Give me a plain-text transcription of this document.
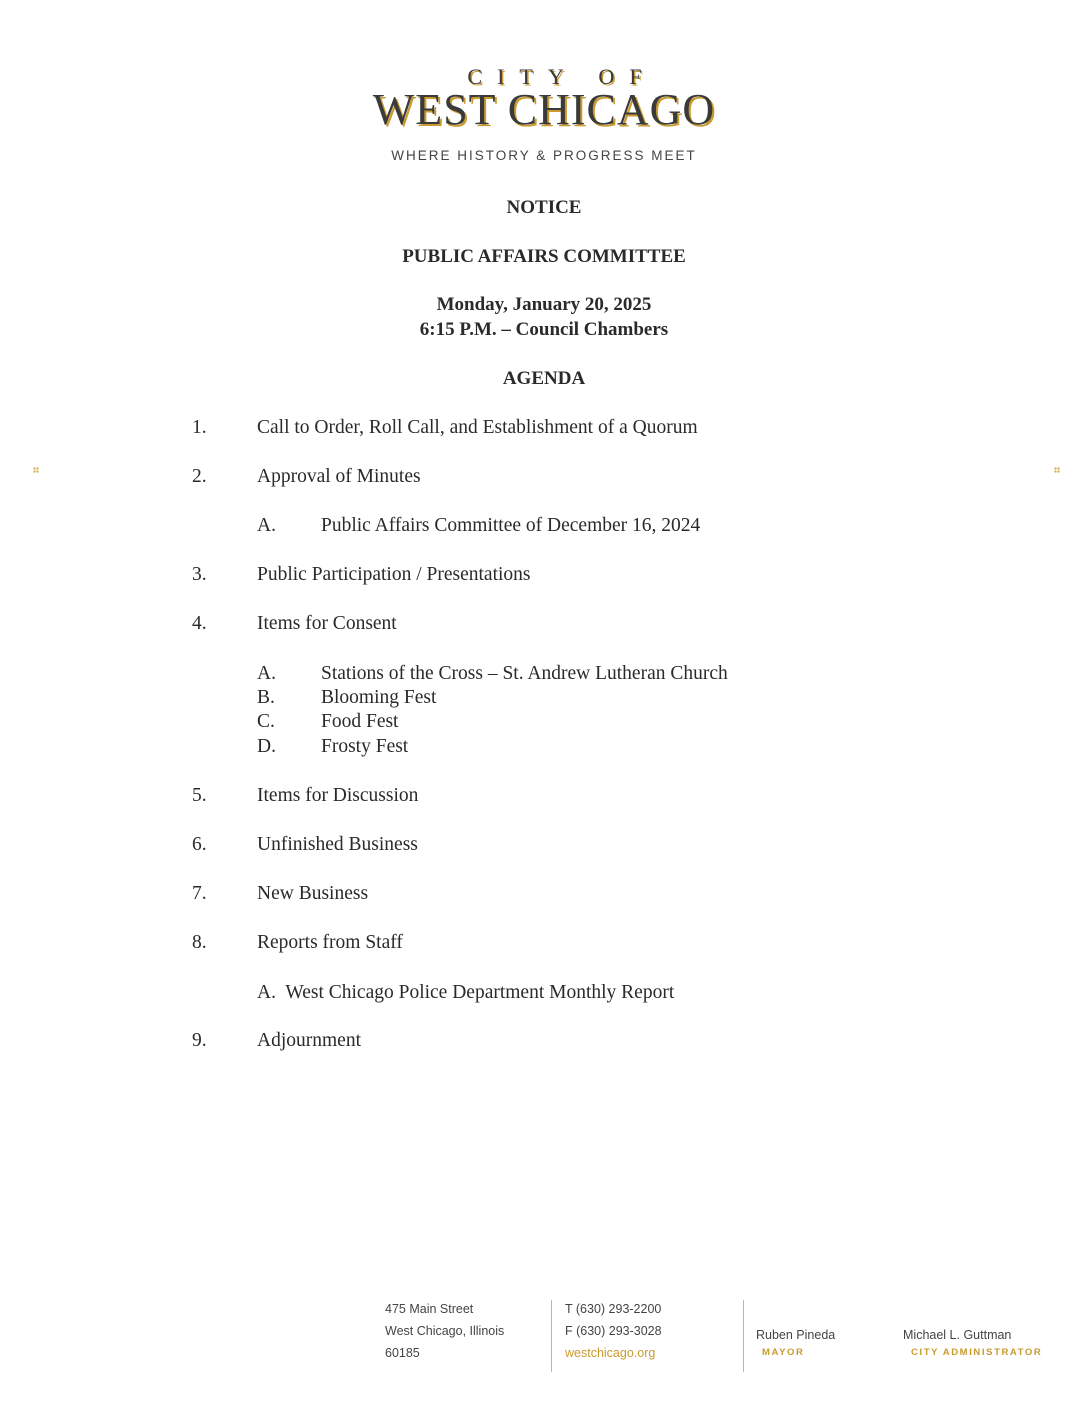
CITY OF
WEST CHICAGO
WHERE HISTORY & PROGRESS MEET
NOTICE
PUBLIC AFFAIRS COMMITTEE
Monday, January 20, 2025
6:15 P.M. – Council Chambers
AGENDA
1.	Call to Order, Roll Call, and Establishment of a Quorum
2.	Approval of Minutes
A. Public Affairs Committee of December 16, 2024
3.	Public Participation / Presentations
4.	Items for Consent
A. Stations of the Cross – St. Andrew Lutheran Church
B. Blooming Fest
C. Food Fest
D. Frosty Fest
5.	Items for Discussion
6.	Unfinished Business
7.	New Business
8.	Reports from Staff
A.  West Chicago Police Department Monthly Report
9.	Adjournment
475 Main Street
West Chicago, Illinois
60185
T (630) 293-2200
F (630) 293-3028
westchicago.org
Ruben Pineda
MAYOR
Michael L. Guttman
CITY ADMINISTRATOR
